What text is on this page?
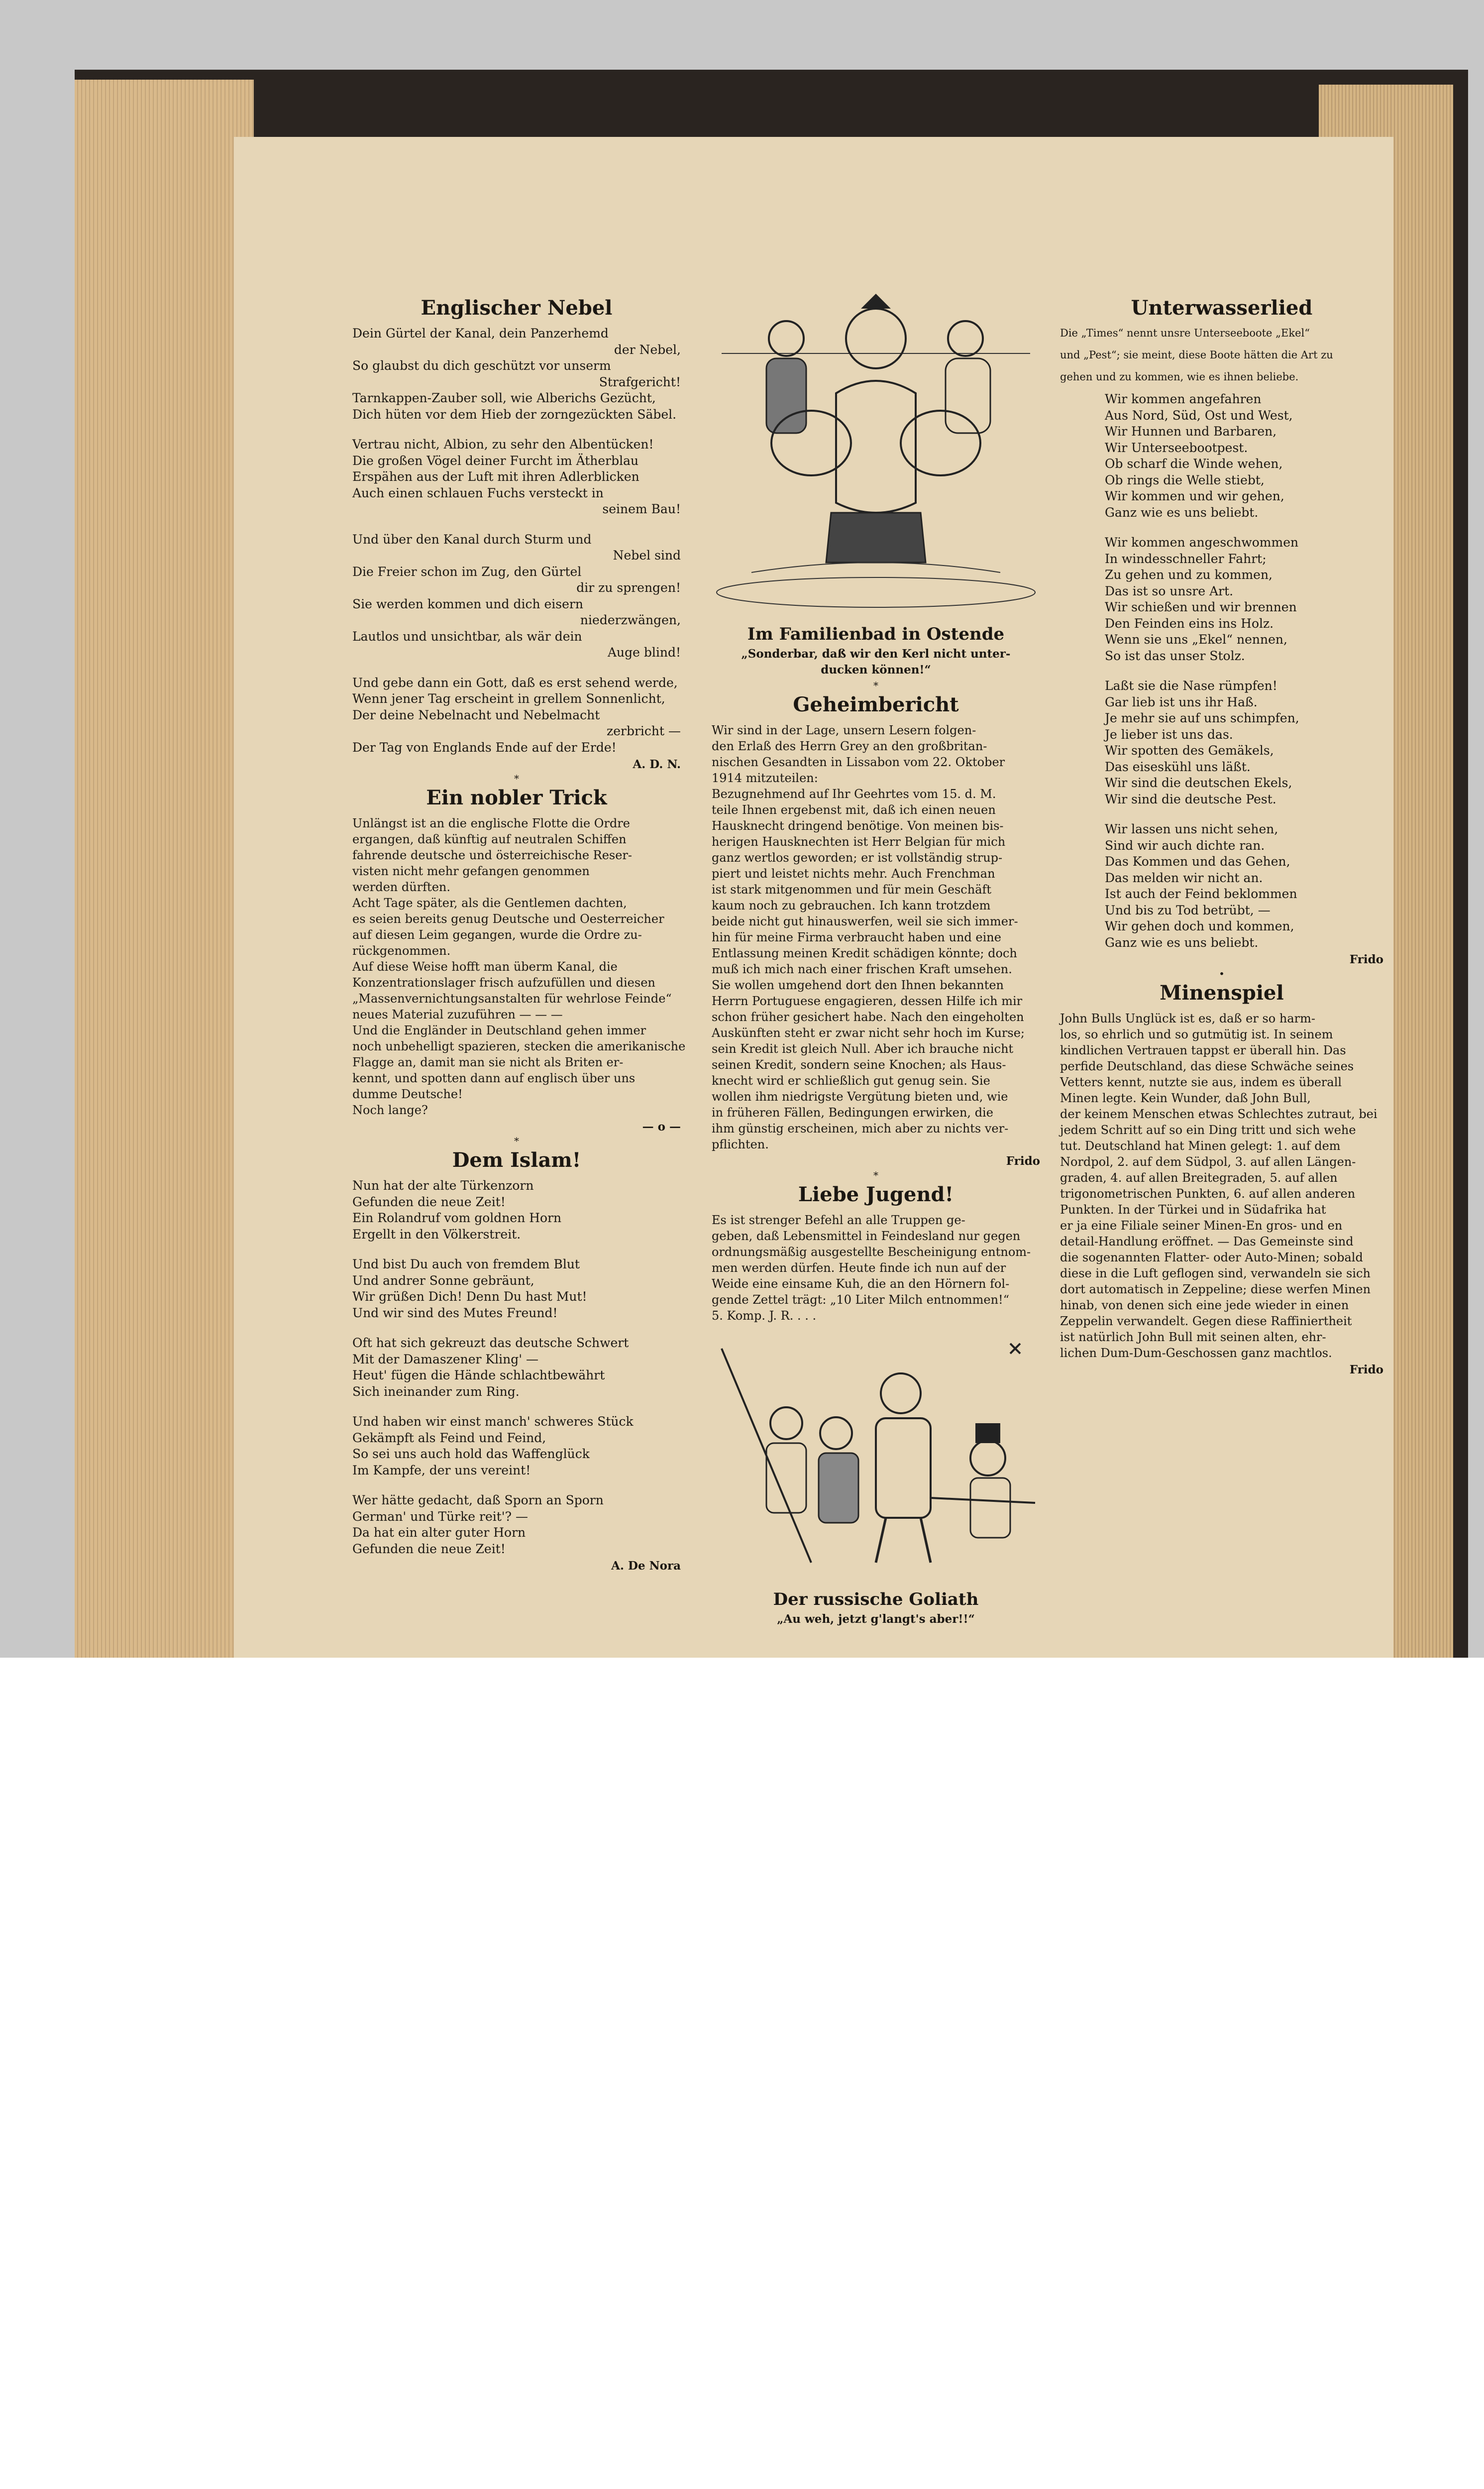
Englischer Nebel
Dein Gürtel der Kanal, dein Panzerhemd
der Nebel,
So glaubst du dich geschützt vor unserm
Strafgericht!
Tarnkappen-Zauber soll, wie Alberichs Gezücht,
Dich hüten vor dem Hieb der zorngezückten Säbel.
Vertrau nicht, Albion, zu sehr den Albentücken!
Die großen Vögel deiner Furcht im Ätherblau
Erspähen aus der Luft mit ihren Adlerblicken
Auch einen schlauen Fuchs versteckt in
seinem Bau!
Und über den Kanal durch Sturm und
Nebel sind
Die Freier schon im Zug, den Gürtel
dir zu sprengen!
Sie werden kommen und dich eisern
niederzwängen,
Lautlos und unsichtbar, als wär dein
Auge blind!
Und gebe dann ein Gott, daß es erst sehend werde,
Wenn jener Tag erscheint in grellem Sonnenlicht,
Der deine Nebelnacht und Nebelmacht
zerbricht —
Der Tag von Englands Ende auf der Erde!
A. D. N.
*
Ein nobler Trick
Unlängst ist an die englische Flotte die Ordre
ergangen, daß künftig auf neutralen Schiffen
fahrende deutsche und österreichische Reser-
visten nicht mehr gefangen genommen
werden dürften.
Acht Tage später, als die Gentlemen dachten,
es seien bereits genug Deutsche und Oesterreicher
auf diesen Leim gegangen, wurde die Ordre zu-
rückgenommen.
Auf diese Weise hofft man überm Kanal, die
Konzentrationslager frisch aufzufüllen und diesen
„Massenvernichtungsanstalten für wehrlose Feinde“
neues Material zuzuführen — — —
Und die Engländer in Deutschland gehen immer
noch unbehelligt spazieren, stecken die amerikanische
Flagge an, damit man sie nicht als Briten er-
kennt, und spotten dann auf englisch über uns
dumme Deutsche!
Noch lange?
— o —
*
Dem Islam!
Nun hat der alte Türkenzorn
Gefunden die neue Zeit!
Ein Rolandruf vom goldnen Horn
Ergellt in den Völkerstreit.
Und bist Du auch von fremdem Blut
Und andrer Sonne gebräunt,
Wir grüßen Dich! Denn Du hast Mut!
Und wir sind des Mutes Freund!
Oft hat sich gekreuzt das deutsche Schwert
Mit der Damaszener Kling' —
Heut' fügen die Hände schlachtbewährt
Sich ineinander zum Ring.
Und haben wir einst manch' schweres Stück
Gekämpft als Feind und Feind,
So sei uns auch hold das Waffenglück
Im Kampfe, der uns vereint!
Wer hätte gedacht, daß Sporn an Sporn
German' und Türke reit'? —
Da hat ein alter guter Horn
Gefunden die neue Zeit!
A. De Nora
Im Familienbad in Ostende
„Sonderbar, daß wir den Kerl nicht unter-
ducken können!“
*
Geheimbericht
Wir sind in der Lage, unsern Lesern folgen-
den Erlaß des Herrn Grey an den großbritan-
nischen Gesandten in Lissabon vom 22. Oktober
1914 mitzuteilen:
Bezugnehmend auf Ihr Geehrtes vom 15. d. M.
teile Ihnen ergebenst mit, daß ich einen neuen
Hausknecht dringend benötige. Von meinen bis-
herigen Hausknechten ist Herr Belgian für mich
ganz wertlos geworden; er ist vollständig strup-
piert und leistet nichts mehr. Auch Frenchman
ist stark mitgenommen und für mein Geschäft
kaum noch zu gebrauchen. Ich kann trotzdem
beide nicht gut hinauswerfen, weil sie sich immer-
hin für meine Firma verbraucht haben und eine
Entlassung meinen Kredit schädigen könnte; doch
muß ich mich nach einer frischen Kraft umsehen.
Sie wollen umgehend dort den Ihnen bekannten
Herrn Portuguese engagieren, dessen Hilfe ich mir
schon früher gesichert habe. Nach den eingeholten
Auskünften steht er zwar nicht sehr hoch im Kurse;
sein Kredit ist gleich Null. Aber ich brauche nicht
seinen Kredit, sondern seine Knochen; als Haus-
knecht wird er schließlich gut genug sein. Sie
wollen ihm niedrigste Vergütung bieten und, wie
in früheren Fällen, Bedingungen erwirken, die
ihm günstig erscheinen, mich aber zu nichts ver-
pflichten.
Frido
*
Liebe Jugend!
Es ist strenger Befehl an alle Truppen ge-
geben, daß Lebensmittel in Feindesland nur gegen
ordnungsmäßig ausgestellte Bescheinigung entnom-
men werden dürfen. Heute finde ich nun auf der
Weide eine einsame Kuh, die an den Hörnern fol-
gende Zettel trägt: „10 Liter Milch entnommen!“
5. Komp. J. R. . . .
Der russische Goliath
„Au weh, jetzt g'langt's aber!!“
Unterwasserlied
Die „Times“ nennt unsre Unterseeboote „Ekel“
und „Pest“; sie meint, diese Boote hätten die Art zu
gehen und zu kommen, wie es ihnen beliebe.
Wir kommen angefahren
Aus Nord, Süd, Ost und West,
Wir Hunnen und Barbaren,
Wir Unterseebootpest.
Ob scharf die Winde wehen,
Ob rings die Welle stiebt,
Wir kommen und wir gehen,
Ganz wie es uns beliebt.
Wir kommen angeschwommen
In windesschneller Fahrt;
Zu gehen und zu kommen,
Das ist so unsre Art.
Wir schießen und wir brennen
Den Feinden eins ins Holz.
Wenn sie uns „Ekel“ nennen,
So ist das unser Stolz.
Laßt sie die Nase rümpfen!
Gar lieb ist uns ihr Haß.
Je mehr sie auf uns schimpfen,
Je lieber ist uns das.
Wir spotten des Gemäkels,
Das eiseskühl uns läßt.
Wir sind die deutschen Ekels,
Wir sind die deutsche Pest.
Wir lassen uns nicht sehen,
Sind wir auch dichte ran.
Das Kommen und das Gehen,
Das melden wir nicht an.
Ist auch der Feind beklommen
Und bis zu Tod betrübt, —
Wir gehen doch und kommen,
Ganz wie es uns beliebt.
Frido
•
Minenspiel
John Bulls Unglück ist es, daß er so harm-
los, so ehrlich und so gutmütig ist. In seinem
kindlichen Vertrauen tappst er überall hin. Das
perfide Deutschland, das diese Schwäche seines
Vetters kennt, nutzte sie aus, indem es überall
Minen legte. Kein Wunder, daß John Bull,
der keinem Menschen etwas Schlechtes zutraut, bei
jedem Schritt auf so ein Ding tritt und sich wehe
tut. Deutschland hat Minen gelegt: 1. auf dem
Nordpol, 2. auf dem Südpol, 3. auf allen Längen-
graden, 4. auf allen Breitegraden, 5. auf allen
trigonometrischen Punkten, 6. auf allen anderen
Punkten. In der Türkei und in Südafrika hat
er ja eine Filiale seiner Minen-En gros- und en
detail-Handlung eröffnet. — Das Gemeinste sind
die sogenannten Flatter- oder Auto-Minen; sobald
diese in die Luft geflogen sind, verwandeln sie sich
dort automatisch in Zeppeline; diese werfen Minen
hinab, von denen sich eine jede wieder in einen
Zeppelin verwandelt. Gegen diese Raffiniertheit
ist natürlich John Bull mit seinen alten, ehr-
lichen Dum-Dum-Geschossen ganz machtlos.
Frido
